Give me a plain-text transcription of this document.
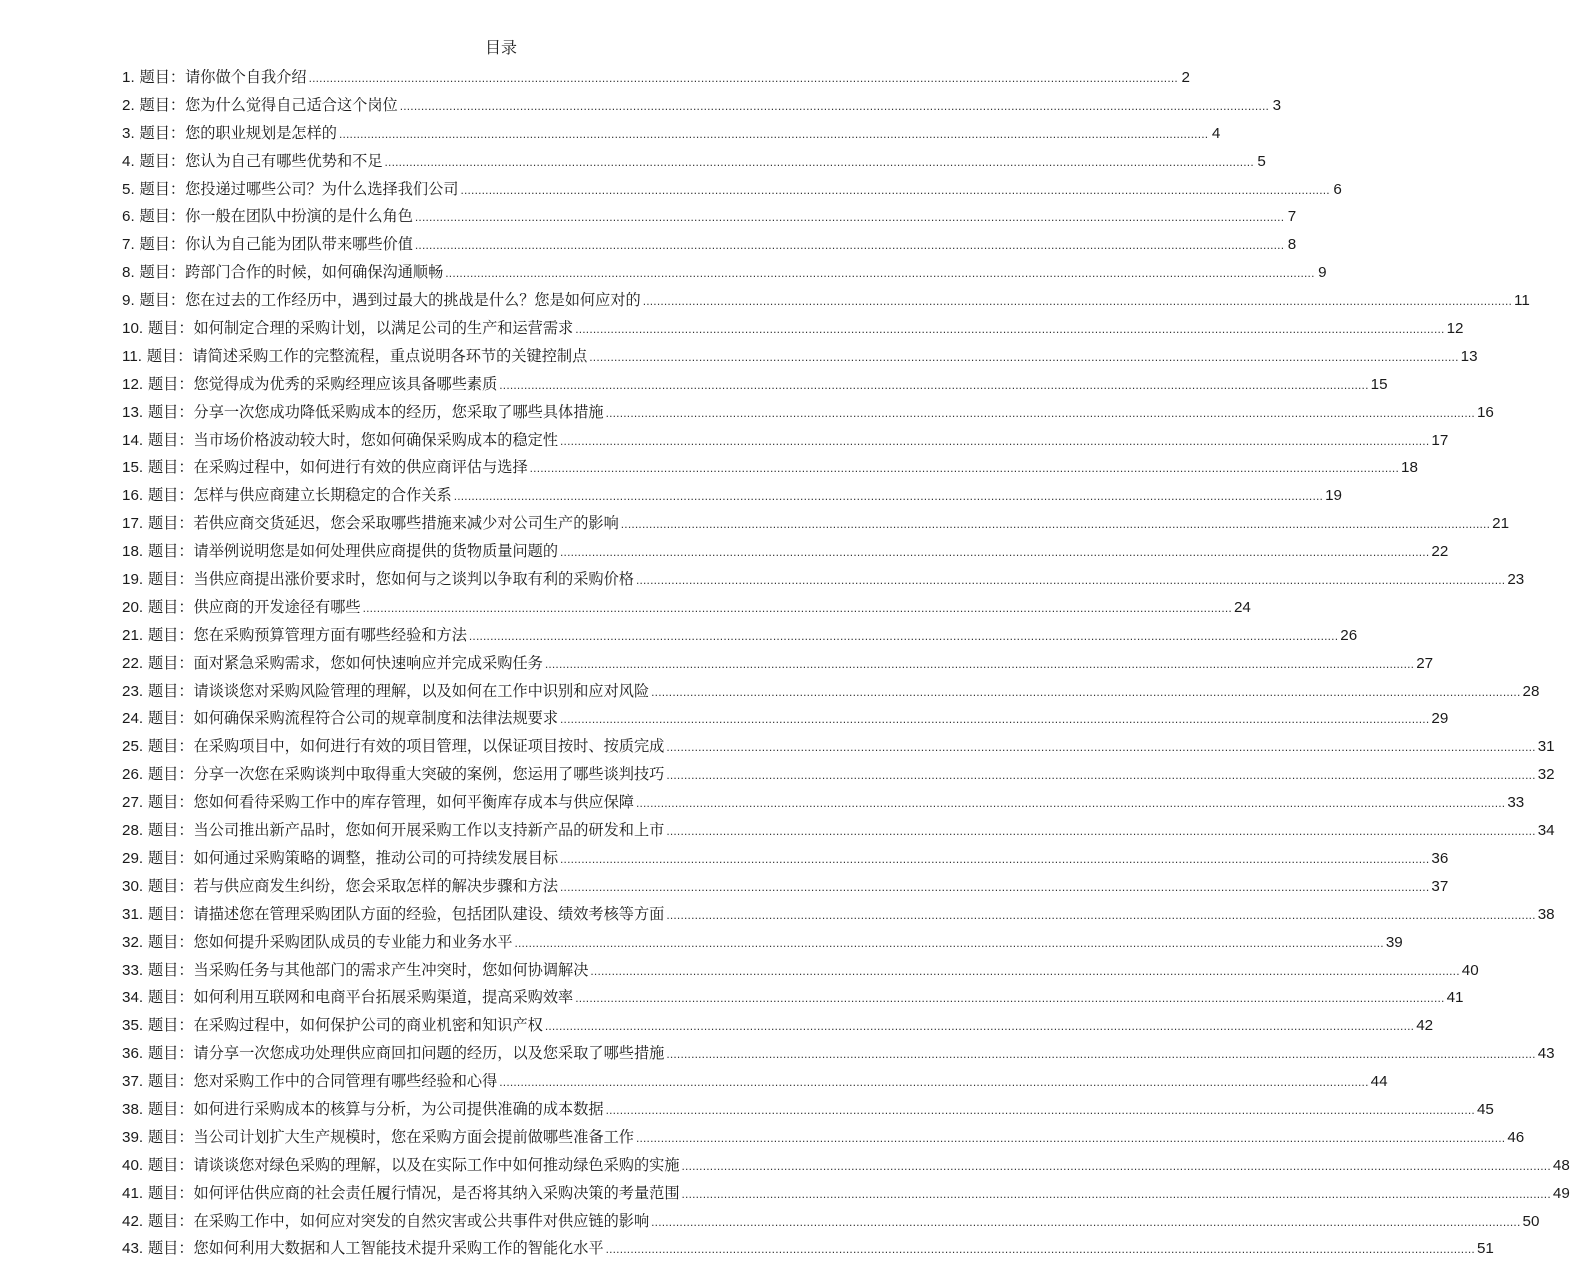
目录
1.
题目：请你做个自我介绍 .....	2
2.
题目：您为什么觉得自己适合这个岗位 .....	3
3.
题目：您的职业规划是怎样的 .....	4
4.
题目：您认为自己有哪些优势和不足 .....	5
5.
题目：您投递过哪些公司？为什么选择我们公司 .....	6
6.
题目：你一般在团队中扮演的是什么角色 .....	7
7.
题目：你认为自己能为团队带来哪些价值 .....	8
8.
题目：跨部门合作的时候，如何确保沟通顺畅 .....	9
9.
题目：您在过去的工作经历中，遇到过最大的挑战是什么？您是如何应对的 .....	11
10.
题目：如何制定合理的采购计划，以满足公司的生产和运营需求 .....	12
11.
题目：请简述采购工作的完整流程，重点说明各环节的关键控制点 .....	13
12.
题目：您觉得成为优秀的采购经理应该具备哪些素质 .....	15
13.
题目：分享一次您成功降低采购成本的经历，您采取了哪些具体措施 .....	16
14.
题目：当市场价格波动较大时，您如何确保采购成本的稳定性 .....	17
15.
题目：在采购过程中，如何进行有效的供应商评估与选择 .....	18
16.
题目：怎样与供应商建立长期稳定的合作关系 .....	19
17.
题目：若供应商交货延迟，您会采取哪些措施来减少对公司生产的影响 .....	21
18.
题目：请举例说明您是如何处理供应商提供的货物质量问题的 .....	22
19.
题目：当供应商提出涨价要求时，您如何与之谈判以争取有利的采购价格 .....	23
20.
题目：供应商的开发途径有哪些 .....	24
21.
题目：您在采购预算管理方面有哪些经验和方法 .....	26
22.
题目：面对紧急采购需求，您如何快速响应并完成采购任务 .....	27
23.
题目：请谈谈您对采购风险管理的理解，以及如何在工作中识别和应对风险 .....	28
24.
题目：如何确保采购流程符合公司的规章制度和法律法规要求 .....	29
25.
题目：在采购项目中，如何进行有效的项目管理，以保证项目按时、按质完成 .....	31
26.
题目：分享一次您在采购谈判中取得重大突破的案例，您运用了哪些谈判技巧 .....	32
27.
题目：您如何看待采购工作中的库存管理，如何平衡库存成本与供应保障 .....	33
28.
题目：当公司推出新产品时，您如何开展采购工作以支持新产品的研发和上市 .....	34
29.
题目：如何通过采购策略的调整，推动公司的可持续发展目标 .....	36
30.
题目：若与供应商发生纠纷，您会采取怎样的解决步骤和方法 .....	37
31.
题目：请描述您在管理采购团队方面的经验，包括团队建设、绩效考核等方面 .....	38
32.
题目：您如何提升采购团队成员的专业能力和业务水平 .....	39
33.
题目：当采购任务与其他部门的需求产生冲突时，您如何协调解决 .....	40
34.
题目：如何利用互联网和电商平台拓展采购渠道，提高采购效率 .....	41
35.
题目：在采购过程中，如何保护公司的商业机密和知识产权 .....	42
36.
题目：请分享一次您成功处理供应商回扣问题的经历，以及您采取了哪些措施 .....	43
37.
题目：您对采购工作中的合同管理有哪些经验和心得 .....	44
38.
题目：如何进行采购成本的核算与分析，为公司提供准确的成本数据 .....	45
39.
题目：当公司计划扩大生产规模时，您在采购方面会提前做哪些准备工作 .....	46
40.
题目：请谈谈您对绿色采购的理解，以及在实际工作中如何推动绿色采购的实施 .....	48
41.
题目：如何评估供应商的社会责任履行情况，是否将其纳入采购决策的考量范围 .....	49
42.
题目：在采购工作中，如何应对突发的自然灾害或公共事件对供应链的影响 .....	50
43.
题目：您如何利用大数据和人工智能技术提升采购工作的智能化水平 .....	51
